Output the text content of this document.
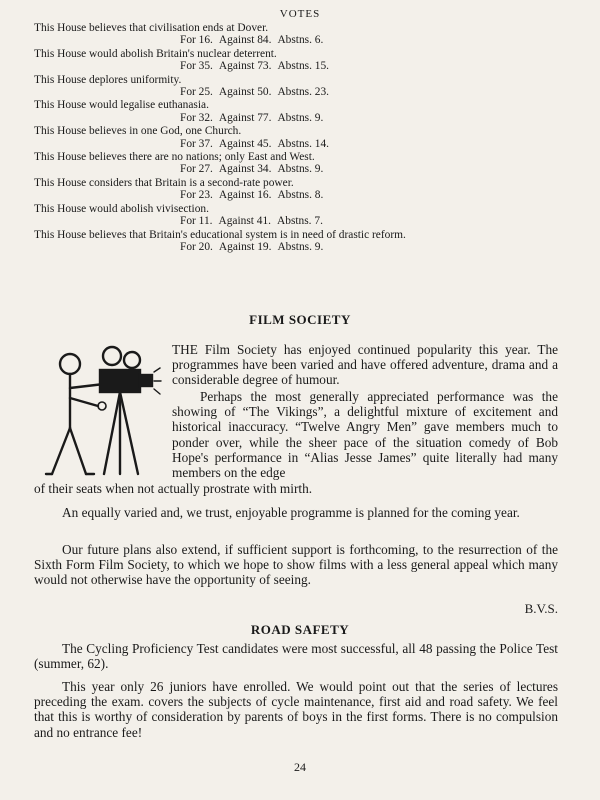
VOTES
This House believes that civilisation ends at Dover.
For 16. Against 84. Abstns. 6.
This House would abolish Britain's nuclear deterrent.
For 35. Against 73. Abstns. 15.
This House deplores uniformity.
For 25. Against 50. Abstns. 23.
This House would legalise euthanasia.
For 32. Against 77. Abstns. 9.
This House believes in one God, one Church.
For 37. Against 45. Abstns. 14.
This House believes there are no nations; only East and West.
For 27. Against 34. Abstns. 9.
This House considers that Britain is a second-rate power.
For 23. Against 16. Abstns. 8.
This House would abolish vivisection.
For 11. Against 41. Abstns. 7.
This House believes that Britain's educational system is in need of drastic reform.
For 20. Against 19. Abstns. 9.
FILM SOCIETY
THE Film Society has enjoyed continued popularity this year. The programmes have been varied and have offered adventure, drama and a considerable degree of humour.
Perhaps the most generally appreciated performance was the showing of “The Vikings”, a delightful mixture of excitement and historical inaccuracy. “Twelve Angry Men” gave members much to ponder over, while the sheer pace of the situation comedy of Bob Hope's performance in “Alias Jesse James” quite literally had many members on the edge
of their seats when not actually prostrate with mirth.
An equally varied and, we trust, enjoyable programme is planned for the coming year.
Our future plans also extend, if sufficient support is forthcoming, to the resurrection of the Sixth Form Film Society, to which we hope to show films with a less general appeal which many would not otherwise have the opportunity of seeing.
B.V.S.
ROAD SAFETY
The Cycling Proficiency Test candidates were most successful, all 48 passing the Police Test (summer, 62).
This year only 26 juniors have enrolled. We would point out that the series of lectures preceding the exam. covers the subjects of cycle maintenance, first aid and road safety. We feel that this is worthy of consideration by parents of boys in the first forms. There is no compulsion and no entrance fee!
24
